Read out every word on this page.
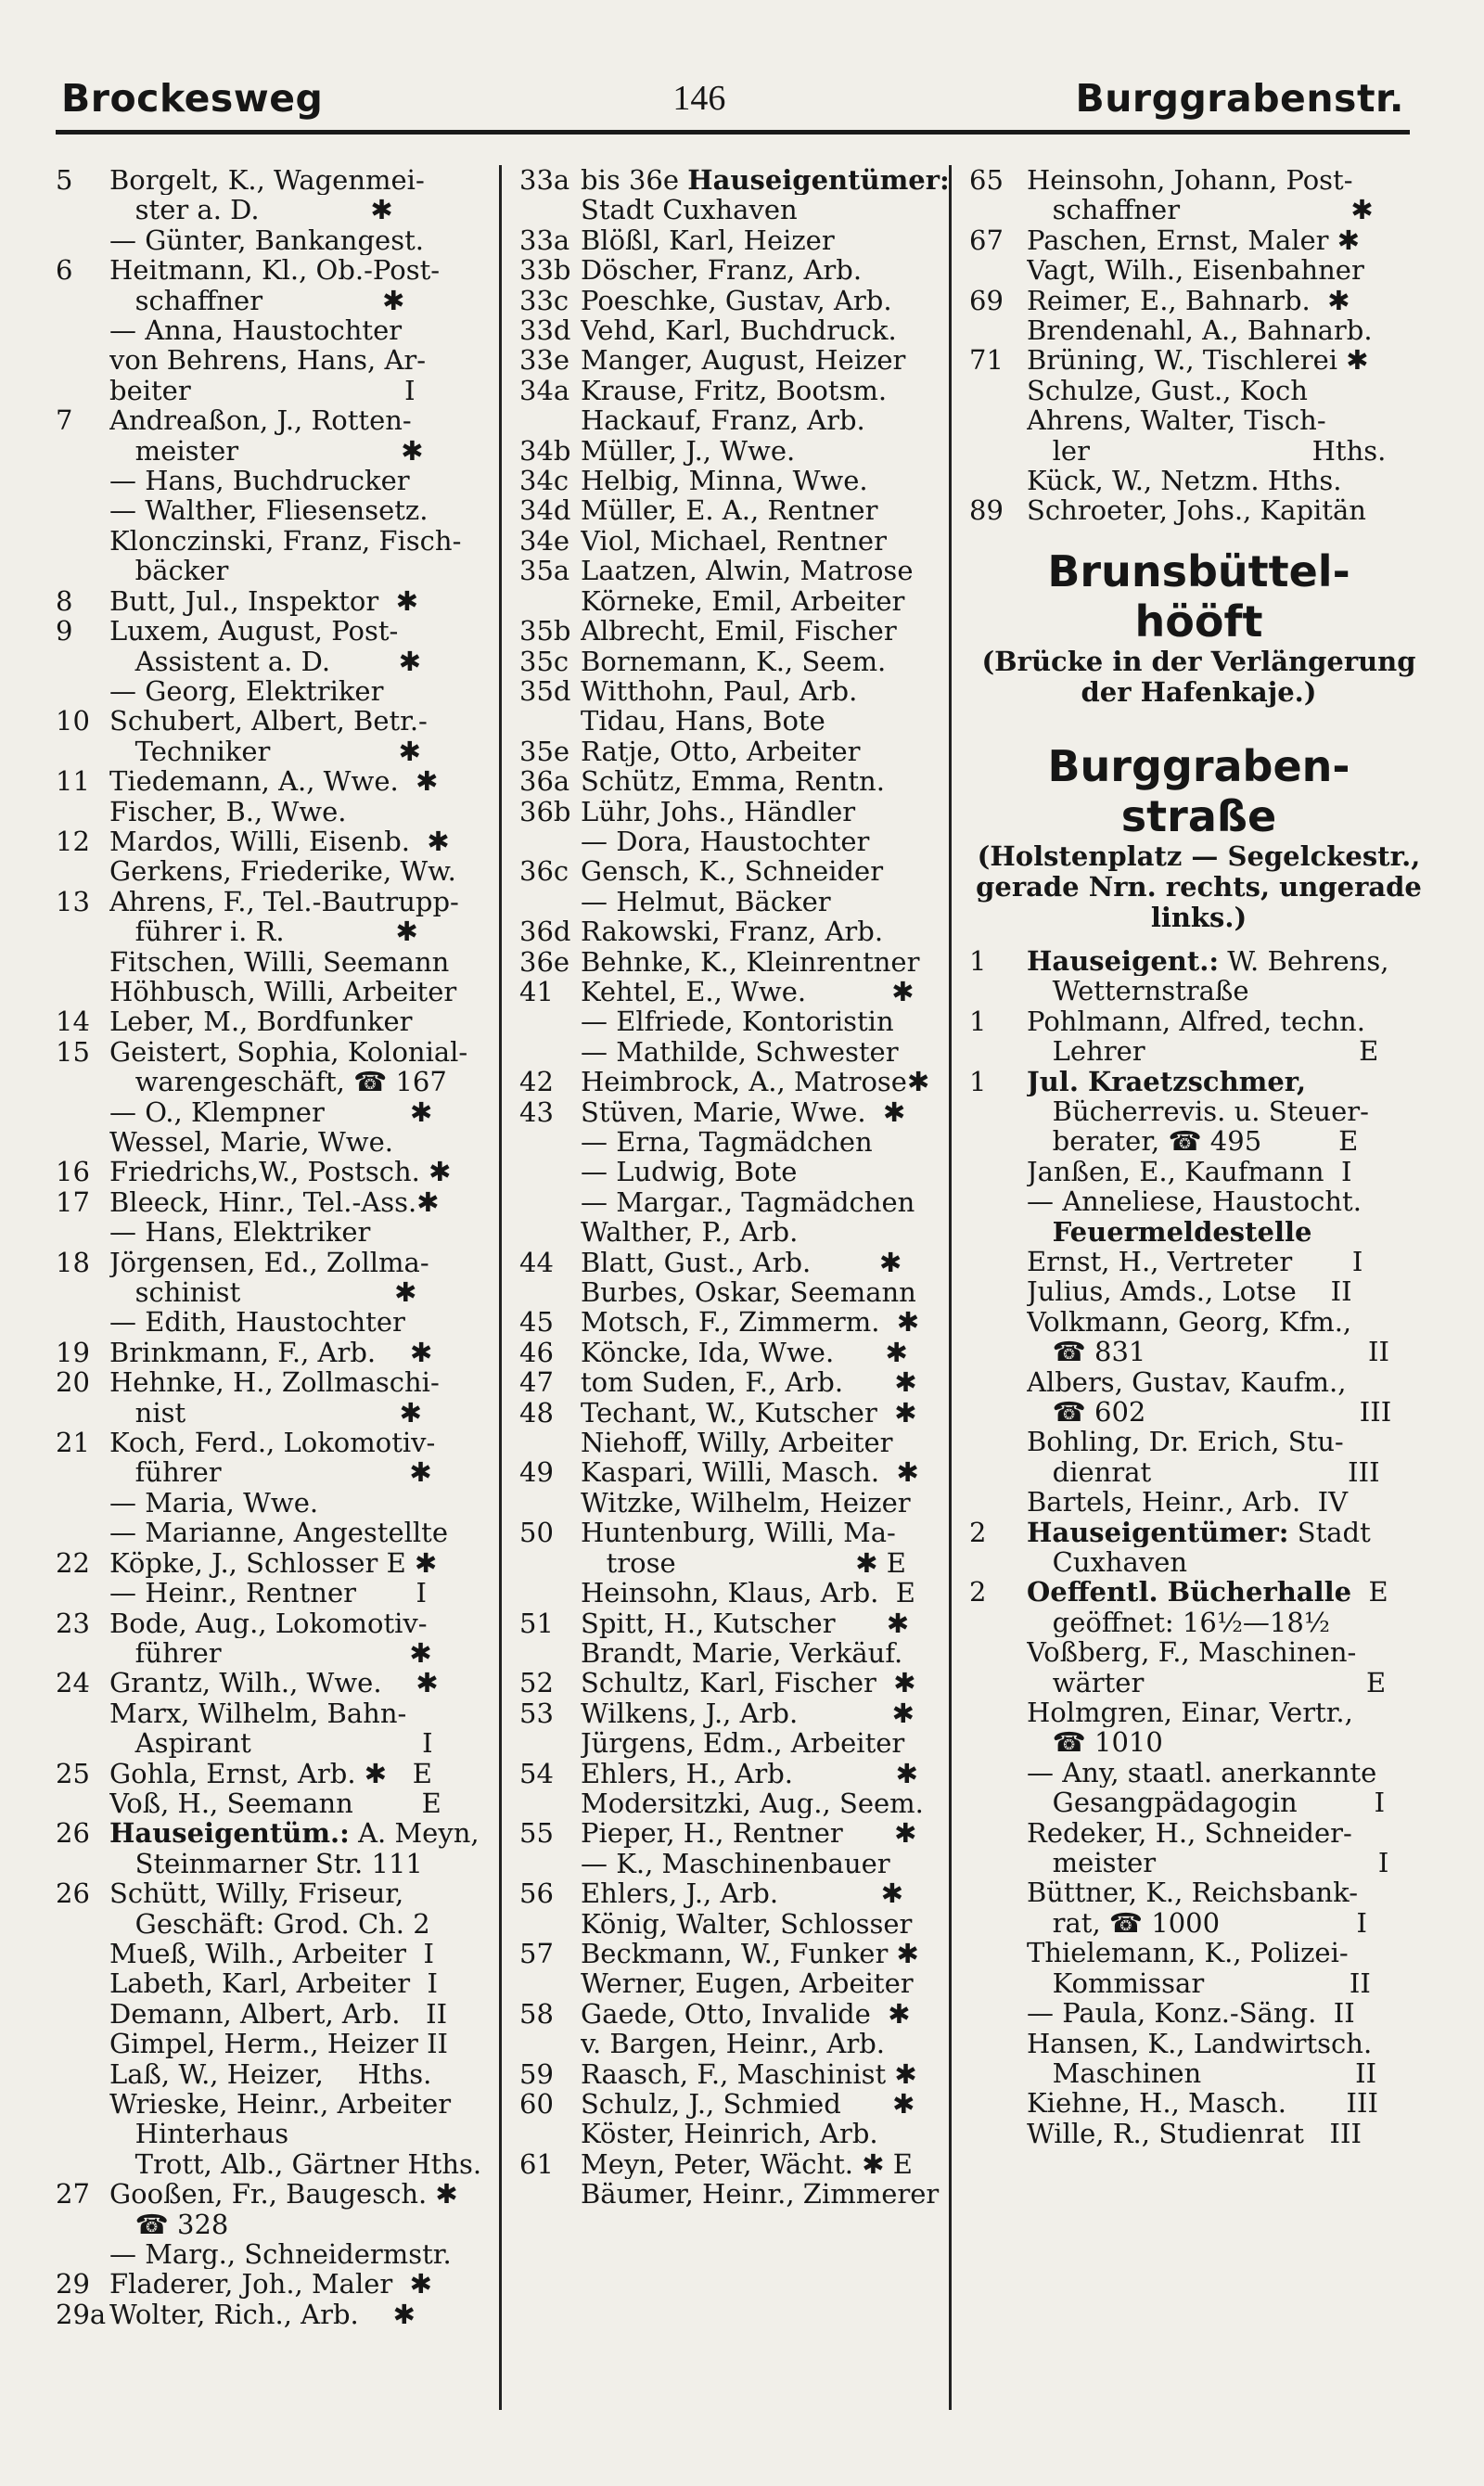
Brockesweg	146	Burggrabenstr.
5	Borgelt, K., Wagenmei-
ster a. D.             ✱
— Günter, Bankangest.
6	Heitmann, Kl., Ob.-Post-
schaffner              ✱
— Anna, Haustochter
von Behrens, Hans, Ar-
beiter                         I
7	Andreaßon, J., Rotten-
meister                   ✱
— Hans, Buchdrucker
— Walther, Fliesensetz.
Klonczinski, Franz, Fisch-
bäcker
8	Butt, Jul., Inspektor  ✱
9	Luxem, August, Post-
Assistent a. D.        ✱
— Georg, Elektriker
10 Schubert, Albert, Betr.-
Techniker               ✱
11 Tiedemann, A., Wwe.  ✱
Fischer, B., Wwe.
12 Mardos, Willi, Eisenb.  ✱
Gerkens, Friederike, Ww.
13 Ahrens, F., Tel.-Bautrupp-
führer i. R.             ✱
Fitschen, Willi, Seemann
Höhbusch, Willi, Arbeiter
14 Leber, M., Bordfunker
15 Geistert, Sophia, Kolonial-
warengeschäft, ☎ 167
— O., Klempner          ✱
Wessel, Marie, Wwe.
16 Friedrichs,W., Postsch. ✱
17 Bleeck, Hinr., Tel.-Ass.✱
— Hans, Elektriker
18 Jörgensen, Ed., Zollma-
schinist                  ✱
— Edith, Haustochter
19 Brinkmann, F., Arb.    ✱
20 Hehnke, H., Zollmaschi-
nist                         ✱
21 Koch, Ferd., Lokomotiv-
führer                      ✱
— Maria, Wwe.
— Marianne, Angestellte
22 Köpke, J., Schlosser E ✱
— Heinr., Rentner       I
23 Bode, Aug., Lokomotiv-
führer                      ✱
24 Grantz, Wilh., Wwe.    ✱
Marx, Wilhelm, Bahn-
Aspirant                    I
25 Gohla, Ernst, Arb. ✱   E
Voß, H., Seemann        E
26 Hauseigentüm.: A. Meyn,
Steinmarner Str. 111
26 Schütt, Willy, Friseur,
Geschäft: Grod. Ch. 2
Mueß, Wilh., Arbeiter  I
Labeth, Karl, Arbeiter  I
Demann, Albert, Arb.   II
Gimpel, Herm., Heizer II
Laß, W., Heizer,    Hths.
Wrieske, Heinr., Arbeiter
Hinterhaus
Trott, Alb., Gärtner Hths.
27 Gooßen, Fr., Baugesch. ✱
☎ 328
— Marg., Schneidermstr.
29 Fladerer, Joh., Maler  ✱
29a Wolter, Rich., Arb.    ✱
33a bis 36e Hauseigentümer:
Stadt Cuxhaven
33a Blößl, Karl, Heizer
33b Döscher, Franz, Arb.
33c Poeschke, Gustav, Arb.
33d Vehd, Karl, Buchdruck.
33e Manger, August, Heizer
34a Krause, Fritz, Bootsm.
Hackauf, Franz, Arb.
34b Müller, J., Wwe.
34c Helbig, Minna, Wwe.
34d Müller, E. A., Rentner
34e Viol, Michael, Rentner
35a Laatzen, Alwin, Matrose
Körneke, Emil, Arbeiter
35b Albrecht, Emil, Fischer
35c Bornemann, K., Seem.
35d Witthohn, Paul, Arb.
Tidau, Hans, Bote
35e Ratje, Otto, Arbeiter
36a Schütz, Emma, Rentn.
36b Lühr, Johs., Händler
— Dora, Haustochter
36c Gensch, K., Schneider
— Helmut, Bäcker
36d Rakowski, Franz, Arb.
36e Behnke, K., Kleinrentner
41	Kehtel, E., Wwe.          ✱
— Elfriede, Kontoristin
— Mathilde, Schwester
42	Heimbrock, A., Matrose✱
43	Stüven, Marie, Wwe.  ✱
— Erna, Tagmädchen
— Ludwig, Bote
— Margar., Tagmädchen
Walther, P., Arb.
44	Blatt, Gust., Arb.        ✱
Burbes, Oskar, Seemann
45	Motsch, F., Zimmerm.  ✱
46	Köncke, Ida, Wwe.      ✱
47	tom Suden, F., Arb.      ✱
48	Techant, W., Kutscher  ✱
Niehoff, Willy, Arbeiter
49	Kaspari, Willi, Masch.  ✱
Witzke, Wilhelm, Heizer
50	Huntenburg, Willi, Ma-
trose                     ✱ E
Heinsohn, Klaus, Arb.  E
51	Spitt, H., Kutscher      ✱
Brandt, Marie, Verkäuf.
52	Schultz, Karl, Fischer  ✱
53	Wilkens, J., Arb.           ✱
Jürgens, Edm., Arbeiter
54	Ehlers, H., Arb.            ✱
Modersitzki, Aug., Seem.
55	Pieper, H., Rentner      ✱
— K., Maschinenbauer
56	Ehlers, J., Arb.            ✱
König, Walter, Schlosser
57	Beckmann, W., Funker ✱
Werner, Eugen, Arbeiter
58	Gaede, Otto, Invalide  ✱
v. Bargen, Heinr., Arb.
59	Raasch, F., Maschinist ✱
60	Schulz, J., Schmied      ✱
Köster, Heinrich, Arb.
61	Meyn, Peter, Wächt. ✱ E
Bäumer, Heinr., Zimmerer
65 Heinsohn, Johann, Post-
schaffner                    ✱
67 Paschen, Ernst, Maler ✱
Vagt, Wilh., Eisenbahner
69 Reimer, E., Bahnarb.  ✱
Brendenahl, A., Bahnarb.
71 Brüning, W., Tischlerei ✱
Schulze, Gust., Koch
Ahrens, Walter, Tisch-
ler                          Hths.
Kück, W., Netzm. Hths.
89 Schroeter, Johs., Kapitän
Brunsbüttel-
hööft
(Brücke in der Verlängerung
der Hafenkaje.)
Burggraben-
straße
(Holstenplatz — Segelckestr.,
gerade Nrn. rechts, ungerade
links.)
1	Hauseigent.: W. Behrens,
Wetternstraße
1	Pohlmann, Alfred, techn.
Lehrer                         E
1	Jul. Kraetzschmer,
Bücherrevis. u. Steuer-
berater, ☎ 495         E
Janßen, E., Kaufmann  I
— Anneliese, Haustocht.
Feuermeldestelle
Ernst, H., Vertreter       I
Julius, Amds., Lotse    II
Volkmann, Georg, Kfm.,
☎ 831                          II
Albers, Gustav, Kaufm.,
☎ 602                         III
Bohling, Dr. Erich, Stu-
dienrat                       III
Bartels, Heinr., Arb.  IV
2	Hauseigentümer: Stadt
Cuxhaven
2	Oeffentl. Bücherhalle  E
geöffnet: 16½—18½
Voßberg, F., Maschinen-
wärter                          E
Holmgren, Einar, Vertr.,
☎ 1010
— Any, staatl. anerkannte
Gesangpädagogin         I
Redeker, H., Schneider-
meister                          I
Büttner, K., Reichsbank-
rat, ☎ 1000                I
Thielemann, K., Polizei-
Kommissar                 II
— Paula, Konz.-Säng.  II
Hansen, K., Landwirtsch.
Maschinen                  II
Kiehne, H., Masch.       III
Wille, R., Studienrat   III
